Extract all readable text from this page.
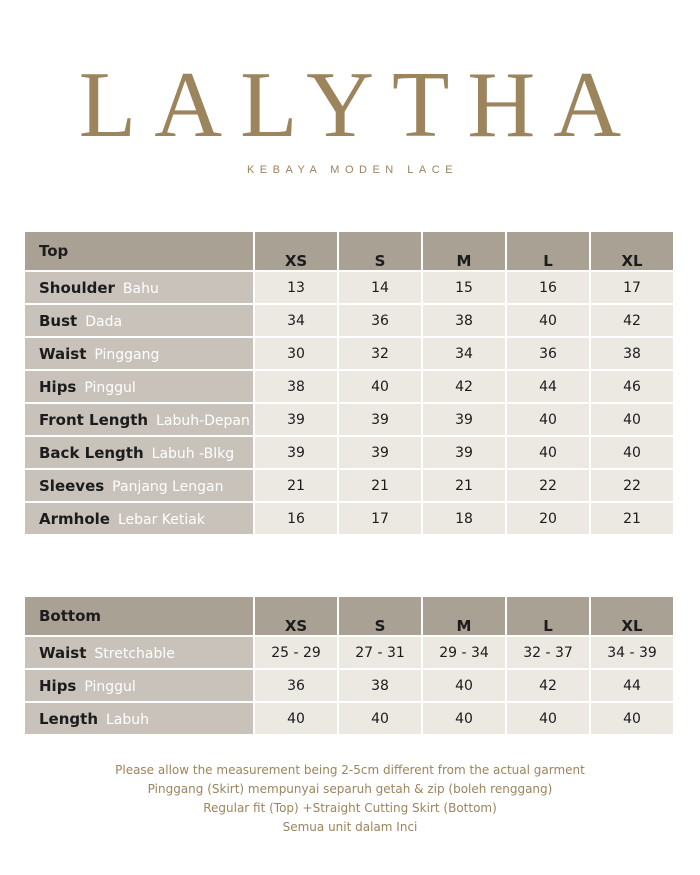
LALYTHA
KEBAYA MODEN LACE
Top	XS	S	M	L	XL
Shoulder Bahu	13	14	15	16	17
Bust Dada	34	36	38	40	42
Waist Pinggang	30	32	34	36	38
Hips Pinggul	38	40	42	44	46
Front Length Labuh-Depan	39	39	39	40	40
Back Length Labuh -Blkg	39	39	39	40	40
Sleeves Panjang Lengan	21	21	21	22	22
Armhole Lebar Ketiak	16	17	18	20	21
Bottom	XS	S	M	L	XL
Waist Stretchable	25 - 29	27 - 31	29 - 34	32 - 37	34 - 39
Hips Pinggul	36	38	40	42	44
Length Labuh	40	40	40	40	40
Please allow the measurement being 2-5cm different from the actual garment
Pinggang (Skirt) mempunyai separuh getah & zip (boleh renggang)
Regular fit (Top) +Straight Cutting Skirt (Bottom)
Semua unit dalam Inci
